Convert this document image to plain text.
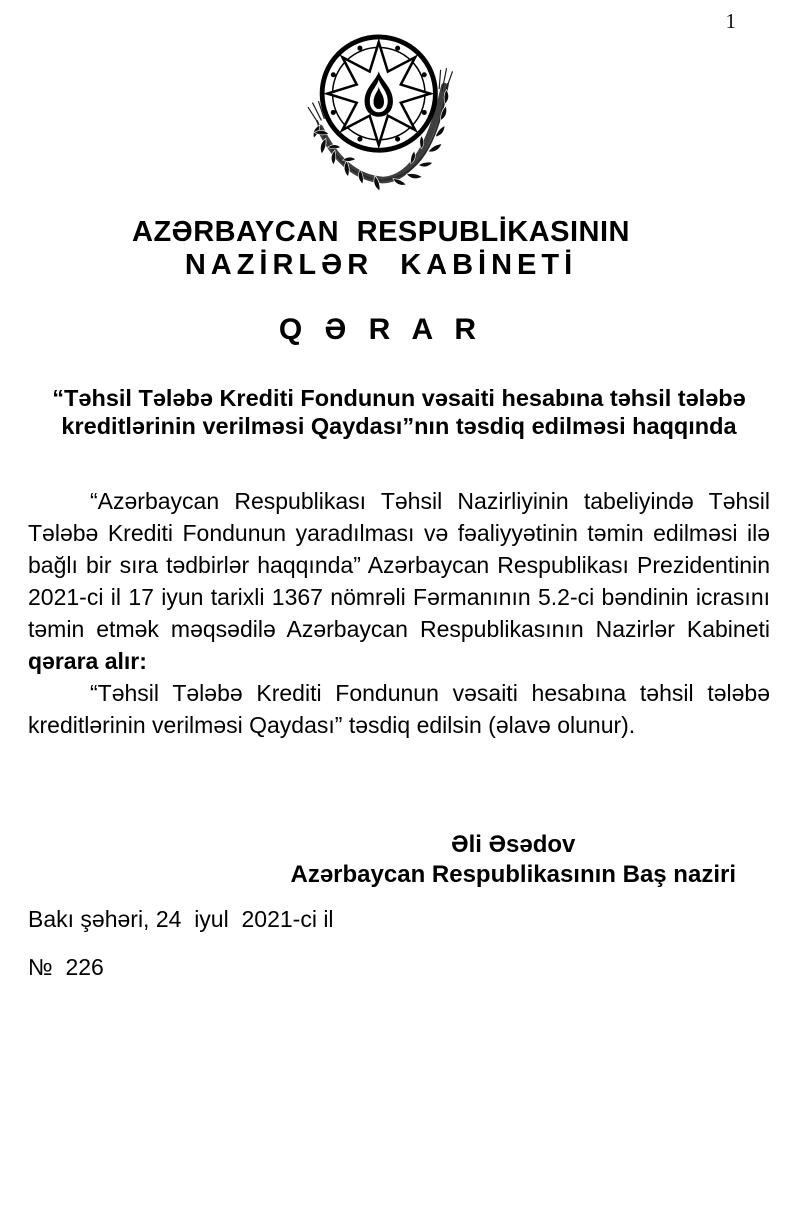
1
AZƏRBAYCAN RESPUBLİKASININ
NAZİRLƏR KABİNETİ
Q Ə R A R
“Təhsil Tələbə Krediti Fondunun vəsaiti hesabına təhsil tələbə kreditlərinin verilməsi Qaydası”nın təsdiq edilməsi haqqında

“Azərbaycan Respublikası Təhsil Nazirliyinin tabeliyində Təhsil Tələbə Krediti Fondunun yaradılması və fəaliyyətinin təmin edilməsi ilə bağlı bir sıra tədbirlər haqqında” Azərbaycan Respublikası Prezidentinin 2021-ci il 17 iyun tarixli 1367 nömrəli Fərmanının 5.2-ci bəndinin icrasını təmin etmək məqsədilə Azərbaycan Respublikasının Nazirlər Kabineti qərara alır:

“Təhsil Tələbə Krediti Fondunun vəsaiti hesabına təhsil tələbə kreditlərinin verilməsi Qaydası” təsdiq edilsin (əlavə olunur).

Əli Əsədov
Azərbaycan Respublikasının Baş naziri
Bakı şəhəri, 24  iyul  2021-ci il
№  226
